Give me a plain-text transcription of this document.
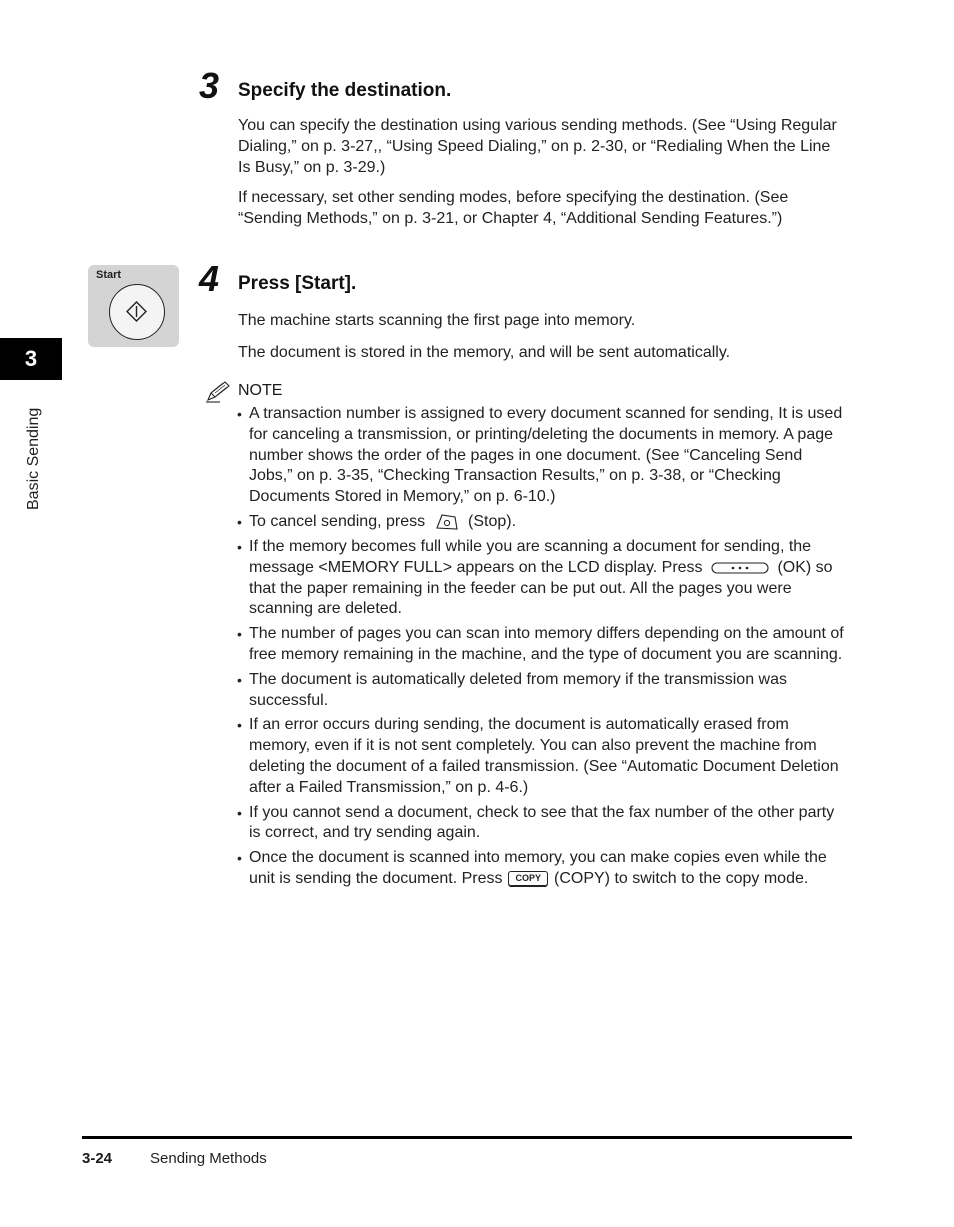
3 Specify the destination.
You can specify the destination using various sending methods. (See “Using Regular Dialing,” on p. 3-27,, “Using Speed Dialing,” on p. 2-30, or “Redialing When the Line Is Busy,” on p. 3-29.)
If necessary, set other sending modes, before specifying the destination. (See “Sending Methods,” on p. 3-21, or Chapter 4, “Additional Sending Features.”)
3
Basic Sending
Start 4 Press [Start].
The machine starts scanning the first page into memory.
The document is stored in the memory, and will be sent automatically.
NOTE
• A transaction number is assigned to every document scanned for sending, It is used for canceling a transmission, or printing/deleting the documents in memory. A page number shows the order of the pages in one document. (See “Canceling Send Jobs,” on p. 3-35, “Checking Transaction Results,” on p. 3-38, or “Checking Documents Stored in Memory,” on p. 6-10.)
• To cancel sending, press	(Stop).
• If the memory becomes full while you are scanning a document for sending, the message <MEMORY FULL> appears on the LCD display. Press	(OK) so that the paper remaining in the feeder can be put out. All the pages you were scanning are deleted.
• The number of pages you can scan into memory differs depending on the amount of free memory remaining in the machine, and the type of document you are scanning.
• The document is automatically deleted from memory if the transmission was successful.
• If an error occurs during sending, the document is automatically erased from memory, even if it is not sent completely. You can also prevent the machine from deleting the document of a failed transmission. (See “Automatic Document Deletion after a Failed Transmission,” on p. 4-6.)
• If you cannot send a document, check to see that the fax number of the other party is correct, and try sending again.
• Once the document is scanned into memory, you can make copies even while the unit is sending the document. Press COPY (COPY) to switch to the copy mode.
3-24	Sending Methods
